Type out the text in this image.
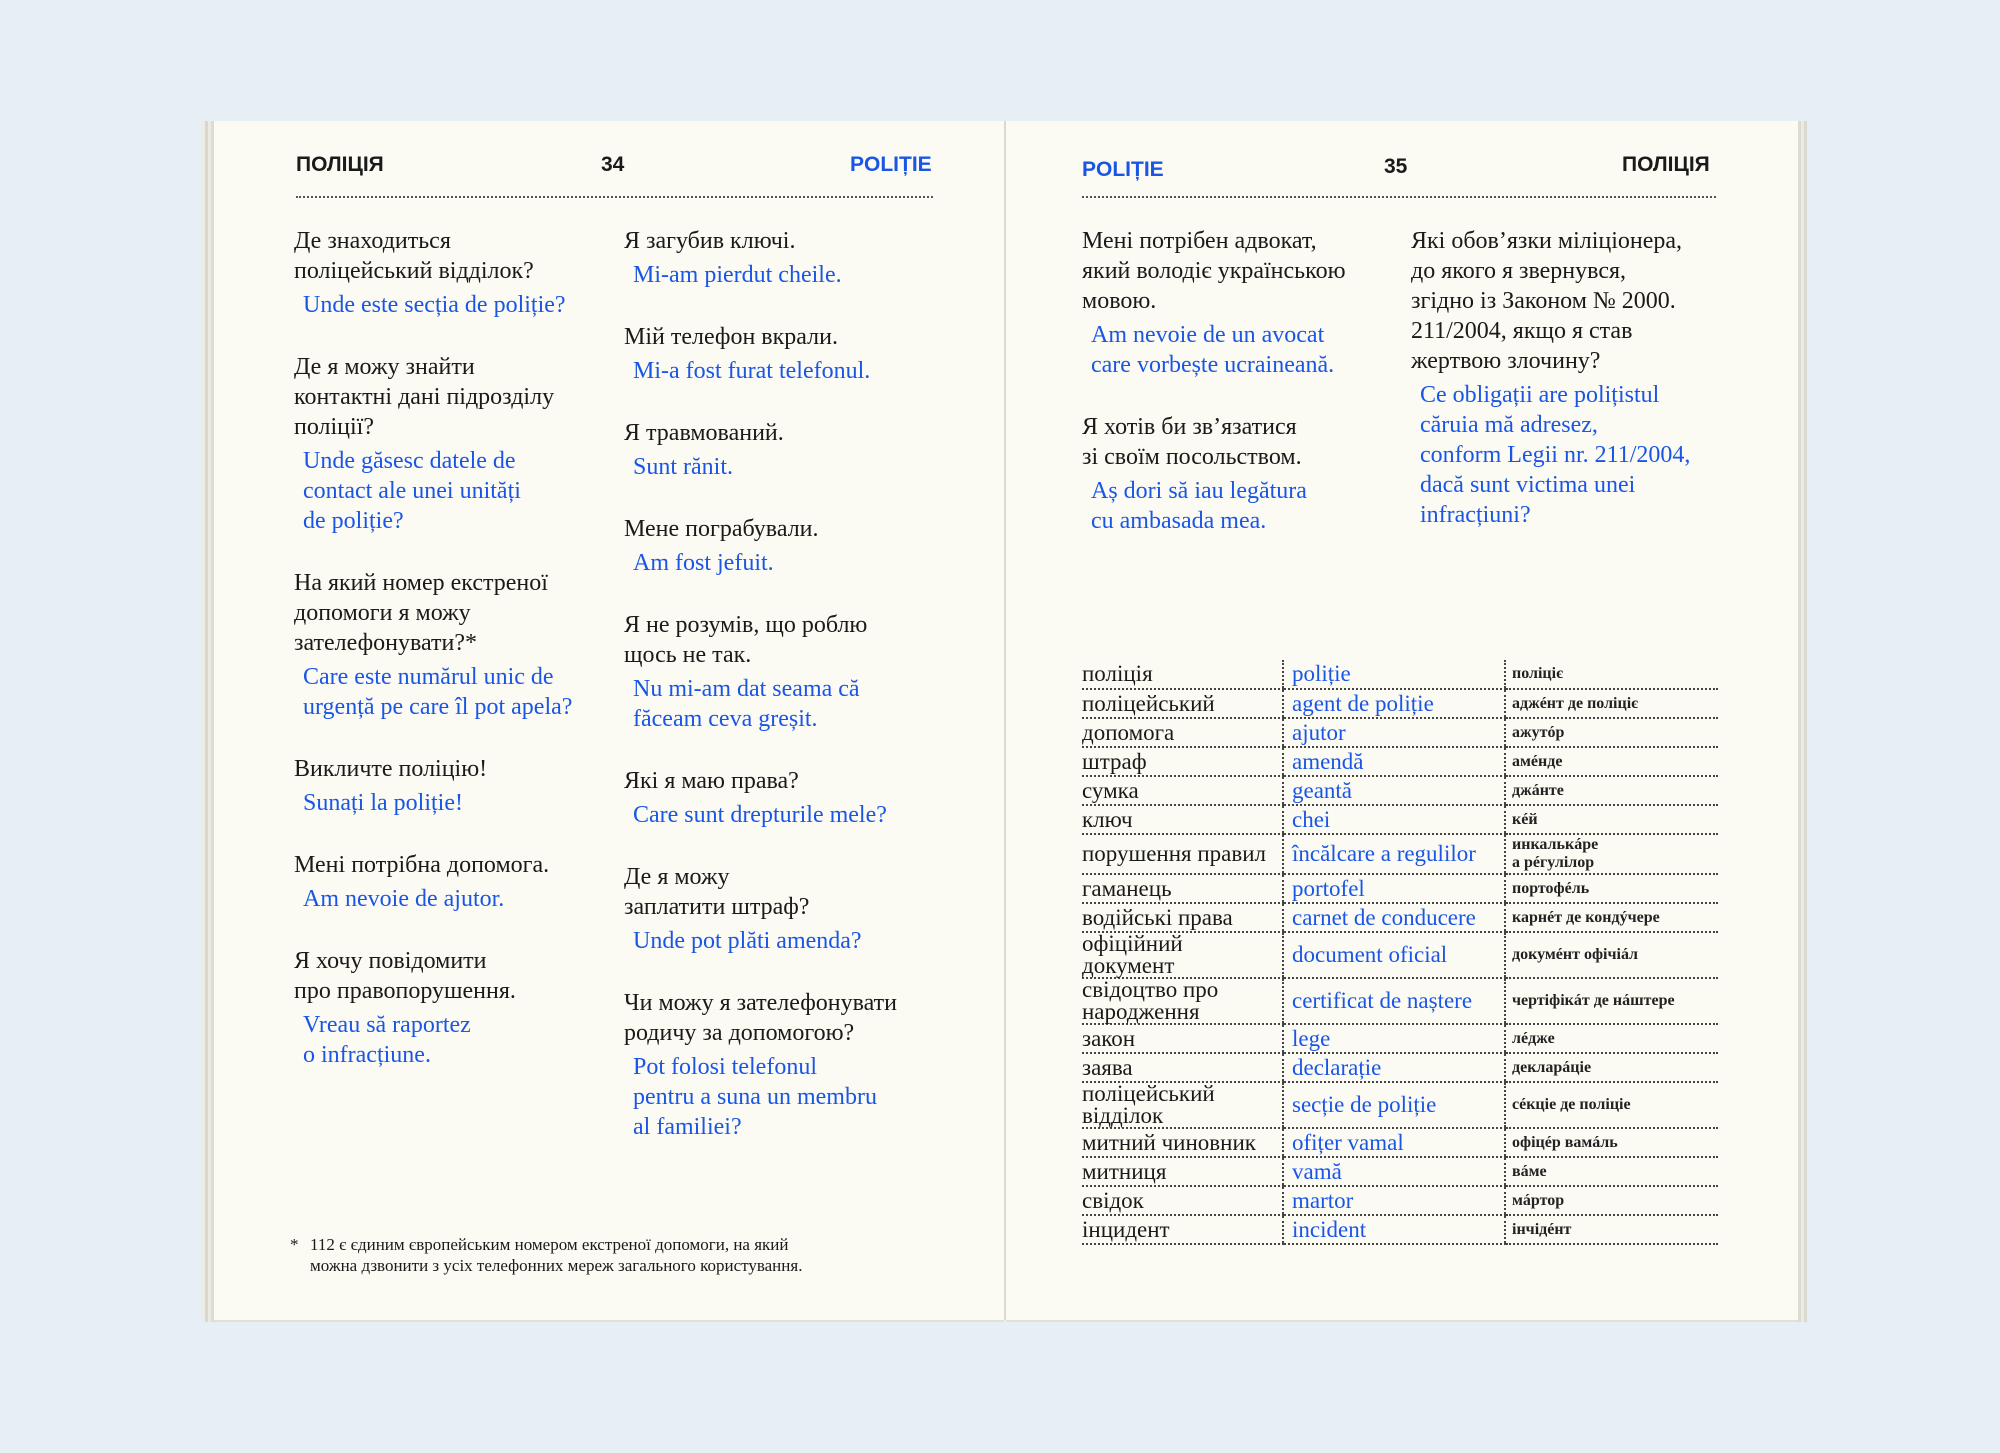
ПОЛІЦІЯ	34	POLIȚIE	POLIȚIE	35	ПОЛІЦІЯ
Де знаходиться
поліцейський відділок?
Unde este secția de poliție?
Де я можу знайти
контактні дані підрозділу
поліції?
Unde găsesc datele de
contact ale unei unități
de poliție?
На який номер екстреної
допомоги я можу
зателефонувати?*
Care este numărul unic de
urgență pe care îl pot apela?
Викличте поліцію!
Sunați la poliție!
Мені потрібна допомога.
Am nevoie de ajutor.
Я хочу повідомити
про правопорушення.
Vreau să raportez
o infracțiune.
Я загубив ключі.
Mi-am pierdut cheile.
Мій телефон вкрали.
Mi-a fost furat telefonul.
Я травмований.
Sunt rănit.
Мене пограбували.
Am fost jefuit.
Я не розумів, що роблю
щось не так.
Nu mi-am dat seama că
făceam ceva greșit.
Які я маю права?
Care sunt drepturile mele?
Де я можу
заплатити штраф?
Unde pot plăti amenda?
Чи можу я зателефонувати
родичу за допомогою?
Pot folosi telefonul
pentru a suna un membru
al familiei?
Мені потрібен адвокат,
який володіє українською
мовою.
Am nevoie de un avocat
care vorbește ucraineană.
Я хотів би зв’язатися
зі своїм посольством.
Aș dori să iau legătura
cu ambasada mea.
Які обов’язки міліціонера,
до якого я звернувся,
згідно із Законом № 2000.
211/2004, якщо я став
жертвою злочину?
Ce obligații are polițistul
căruia mă adresez,
conform Legii nr. 211/2004,
dacă sunt victima unei
infracțiuni?
* 112 є єдиним європейським номером екстреної допомоги, на який
можна дзвонити з усіх телефонних мереж загального користування.
поліція	poliție	поліціє

поліцейський	agent de poliție	аджéнт де поліціє

допомога	ajutor	ажутóр

штраф	amendă	амéнде

сумка	geantă	джáнте

ключ	chei	кéй

порушення правил	încălcare a regulilor	инкалькáре
а рéгулілор

гаманець	portofel	портофéль

водійські права	carnet de conducere	карнéт де кондýчере

офіційний
документ	document oficial	докумéнт офічіáл

свідоцтво про
народження	certificat de naștere	чертіфікáт де нáштере

закон	lege	лéдже

заява	declarație	декларáціе

поліцейський
відділок	secție de poliție	сéкціе де поліціе

митний чиновник	ofițer vamal	офіцéр вамáль

митниця	vamă	вáме

свідок	martor	мáртор

інцидент	incident	інчідéнт
